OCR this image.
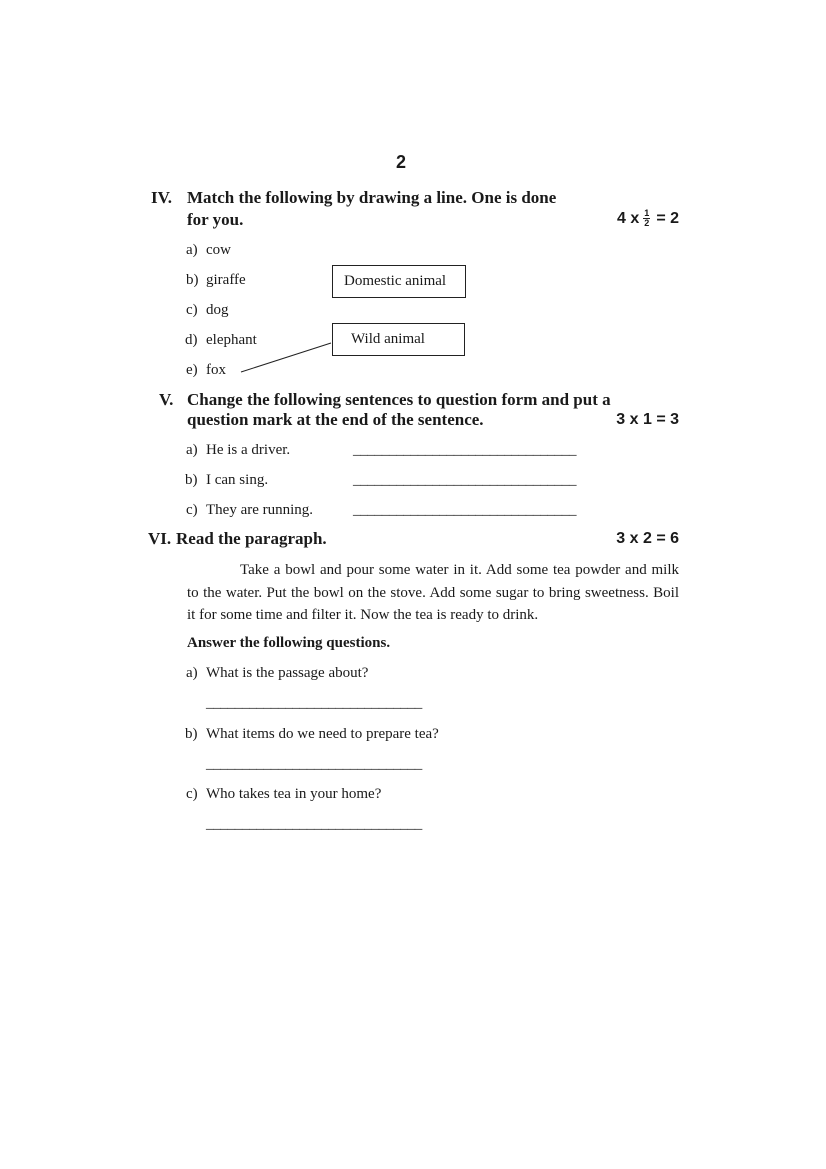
2
IV. Match the following by drawing a line. One is done
for you.	4 x $\frac{1}{2} = 2$
a) cow
b) giraffe
c) dog
d) elephant
e) fox
Domestic animal
Wild animal
V. Change the following sentences to question form and put a
question mark at the end of the sentence.	3 x 1 = 3
a) He is a driver.	_______________________________
b) I can sing.	_______________________________
c) They are running.	_______________________________
VI. Read the paragraph.	3 x 2 = 6
Take a bowl and pour some water in it. Add some tea powder and milk to the water. Put the bowl on the stove. Add some sugar to bring sweetness. Boil it for some time and filter it. Now the tea is ready to drink.
Answer the following questions.
a) What is the passage about?
______________________________
b) What items do we need to prepare tea?
______________________________
c) Who takes tea in your home?
______________________________
